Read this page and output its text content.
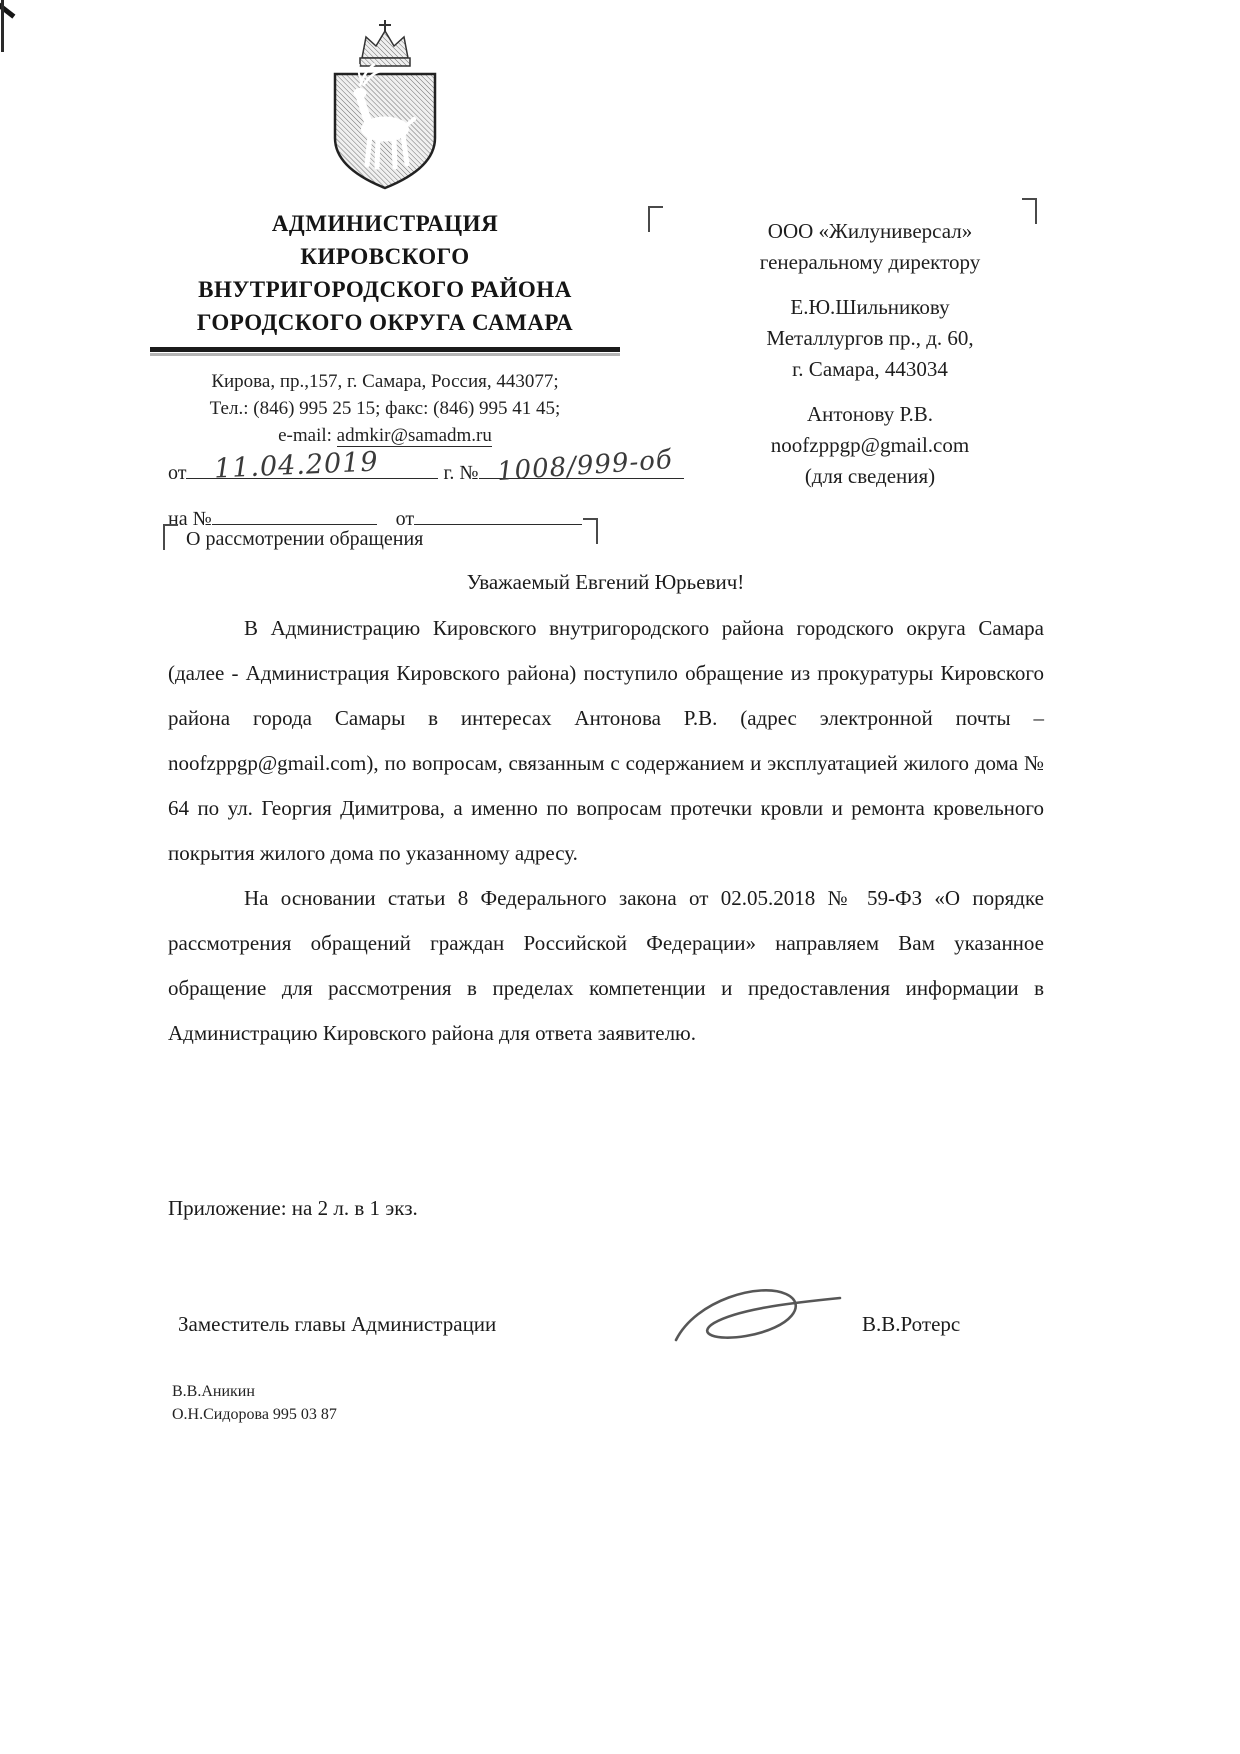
АДМИНИСТРАЦИЯ
КИРОВСКОГО
ВНУТРИГОРОДСКОГО РАЙОНА
ГОРОДСКОГО ОКРУГА САМАРА
Кирова, пр.,157, г. Самара, Россия, 443077;
Тел.: (846) 995 25 15; факс: (846) 995 41 45;
e-mail: admkir@samadm.ru
ООО «Жилуниверсал»
генеральному директору
Е.Ю.Шильникову
Металлургов пр., д. 60,
г. Самара, 443034
Антонову Р.В.
noofzppgp@gmail.com
(для сведения)
от 11.04.2019	г. № 1008/999-об
на №	от
О рассмотрении обращения
Уважаемый Евгений Юрьевич!

В Администрацию Кировского внутригородского района городского округа Самара (далее - Администрация Кировского района) поступило обращение из прокуратуры Кировского района города Самары в интересах Антонова Р.В. (адрес электронной почты – noofzppgp@gmail.com), по вопросам, связанным с содержанием и эксплуатацией жилого дома № 64 по ул. Георгия Димитрова, а именно по вопросам протечки кровли и ремонта кровельного покрытия жилого дома по указанному адресу.

На основании статьи 8 Федерального закона от 02.05.2018 № 59-ФЗ «О порядке рассмотрения обращений граждан Российской Федерации» направляем Вам указанное обращение для рассмотрения в пределах компетенции и предоставления информации в Администрацию Кировского района для ответа заявителю.

Приложение: на 2 л. в 1 экз.
Заместитель главы Администрации	В.В.Ротерс
В.В.Аникин
О.Н.Сидорова 995 03 87
